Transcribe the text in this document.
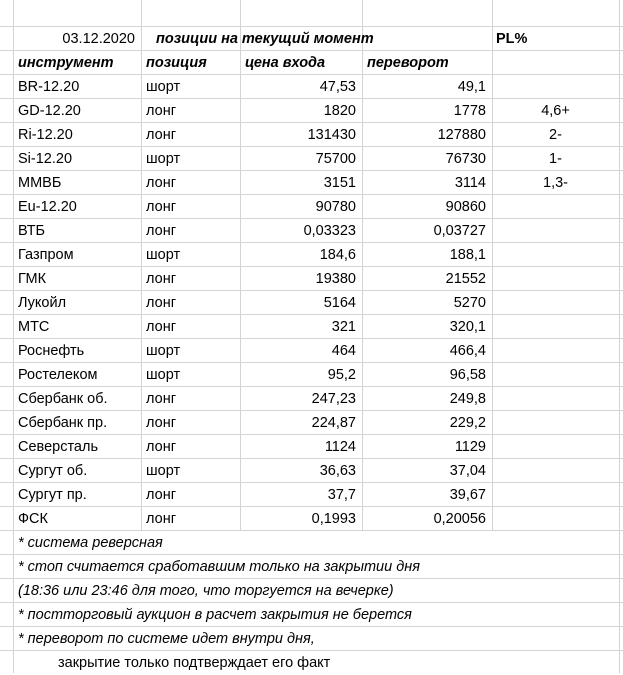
03.12.2020	позиции на текущий момент	PL%
инструмент	позиция	цена входа	переворот
BR-12.20	шорт	47,53	49,1
GD-12.20	лонг	1820	1778	4,6+
Ri-12.20	лонг	131430	127880	2-
Si-12.20	шорт	75700	76730	1-
ММВБ	лонг	3151	3114	1,3-
Eu-12.20	лонг	90780	90860
ВТБ	лонг	0,03323	0,03727
Газпром	шорт	184,6	188,1
ГМК	лонг	19380	21552
Лукойл	лонг	5164	5270
МТС	лонг	321	320,1
Роснефть	шорт	464	466,4
Ростелеком	шорт	95,2	96,58
Сбербанк об.	лонг	247,23	249,8
Сбербанк пр.	лонг	224,87	229,2
Северсталь	лонг	1124	1129
Сургут об.	шорт	36,63	37,04
Сургут пр.	лонг	37,7	39,67
ФСК	лонг	0,1993	0,20056
* система реверсная
* стоп считается сработавшим только на закрытии дня
(18:36 или 23:46 для того, что торгуется на вечерке)
* постторговый аукцион в расчет закрытия не берется
* переворот по системе идет внутри дня,
закрытие только подтверждает его факт
